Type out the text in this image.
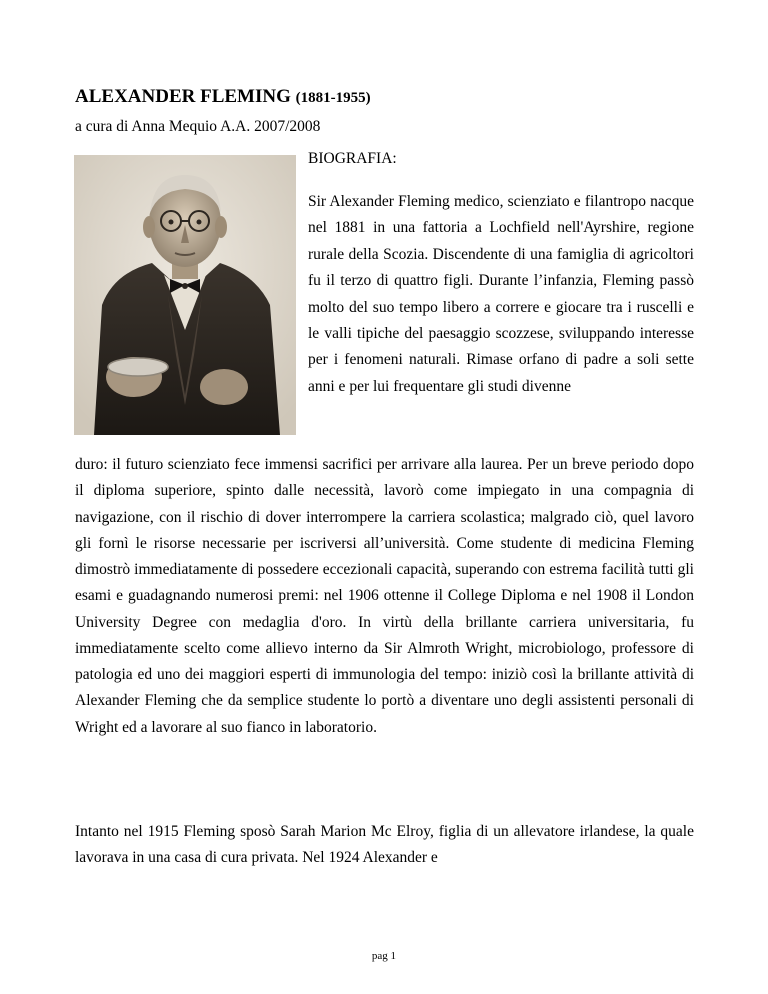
ALEXANDER FLEMING (1881-1955)

a cura di Anna Mequio A.A. 2007/2008

BIOGRAFIA:

Sir Alexander Fleming medico, scienziato e filantropo nacque nel 1881 in una fattoria a Lochfield nell'Ayrshire, regione rurale della Scozia. Discendente di una famiglia di agricoltori fu il terzo di quattro figli. Durante l’infanzia, Fleming passò molto del suo tempo libero a correre e giocare tra i ruscelli e le valli tipiche del paesaggio scozzese, sviluppando interesse per i fenomeni naturali. Rimase orfano di padre a soli sette anni e per lui frequentare gli studi divenne

duro: il futuro scienziato fece immensi sacrifici per arrivare alla laurea. Per un breve periodo dopo il diploma superiore, spinto dalle necessità, lavorò come impiegato in una compagnia di navigazione, con il rischio di dover interrompere la carriera scolastica; malgrado ciò, quel lavoro gli fornì le risorse necessarie per iscriversi all’università. Come studente di medicina Fleming dimostrò immediatamente di possedere eccezionali capacità, superando con estrema facilità tutti gli esami e guadagnando numerosi premi: nel 1906 ottenne il College Diploma e nel 1908 il London University Degree con medaglia d'oro. In virtù della brillante carriera universitaria, fu immediatamente scelto come allievo interno da Sir Almroth Wright, microbiologo, professore di patologia ed uno dei maggiori esperti di immunologia del tempo: iniziò così la brillante attività di Alexander Fleming che da semplice studente lo portò a diventare uno degli assistenti personali di Wright ed a lavorare al suo fianco in laboratorio.

Intanto nel 1915 Fleming sposò Sarah Marion Mc Elroy, figlia di un allevatore irlandese, la quale lavorava in una casa di cura privata. Nel 1924 Alexander e

pag 1
